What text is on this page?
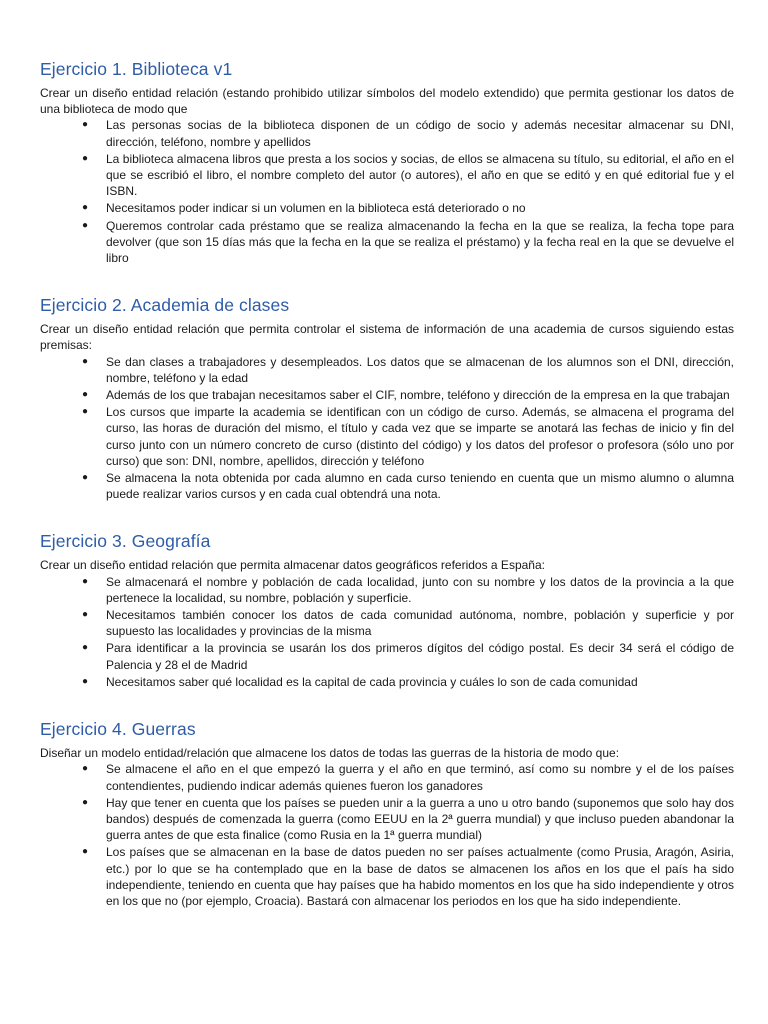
Ejercicio 1. Biblioteca v1

Crear un diseño entidad relación (estando prohibido utilizar símbolos del modelo extendido) que permita gestionar los datos de una biblioteca de modo que

● Las personas socias de la biblioteca disponen de un código de socio y además necesitar almacenar su DNI, dirección, teléfono, nombre y apellidos
● La biblioteca almacena libros que presta a los socios y socias, de ellos se almacena su título, su editorial, el año en el que se escribió el libro, el nombre completo del autor (o autores), el año en que se editó y en qué editorial fue y el ISBN.
● Necesitamos poder indicar si un volumen en la biblioteca está deteriorado o no
● Queremos controlar cada préstamo que se realiza almacenando la fecha en la que se realiza, la fecha tope para devolver (que son 15 días más que la fecha en la que se realiza el préstamo) y la fecha real en la que se devuelve el libro
Ejercicio 2. Academia de clases

Crear un diseño entidad relación que permita controlar el sistema de información de una academia de cursos siguiendo estas premisas:

● Se dan clases a trabajadores y desempleados. Los datos que se almacenan de los alumnos son el DNI, dirección, nombre, teléfono y la edad
● Además de los que trabajan necesitamos saber el CIF, nombre, teléfono y dirección de la empresa en la que trabajan
● Los cursos que imparte la academia se identifican con un código de curso. Además, se almacena el programa del curso, las horas de duración del mismo, el título y cada vez que se imparte se anotará las fechas de inicio y fin del curso junto con un número concreto de curso (distinto del código) y los datos del profesor o profesora (sólo uno por curso) que son: DNI, nombre, apellidos, dirección y teléfono
● Se almacena la nota obtenida por cada alumno en cada curso teniendo en cuenta que un mismo alumno o alumna puede realizar varios cursos y en cada cual obtendrá una nota.
Ejercicio 3. Geografía

Crear un diseño entidad relación que permita almacenar datos geográficos referidos a España:

● Se almacenará el nombre y población de cada localidad, junto con su nombre y los datos de la provincia a la que pertenece la localidad, su nombre, población y superficie.
● Necesitamos también conocer los datos de cada comunidad autónoma, nombre, población y superficie y por supuesto las localidades y provincias de la misma
● Para identificar a la provincia se usarán los dos primeros dígitos del código postal. Es decir 34 será el código de Palencia y 28 el de Madrid
● Necesitamos saber qué localidad es la capital de cada provincia y cuáles lo son de cada comunidad
Ejercicio 4. Guerras

Diseñar un modelo entidad/relación que almacene los datos de todas las guerras de la historia de modo que:

● Se almacene el año en el que empezó la guerra y el año en que terminó, así como su nombre y el de los países contendientes, pudiendo indicar además quienes fueron los ganadores
● Hay que tener en cuenta que los países se pueden unir a la guerra a uno u otro bando (suponemos que solo hay dos bandos) después de comenzada la guerra (como EEUU en la 2ª guerra mundial) y que incluso pueden abandonar la guerra antes de que esta finalice (como Rusia en la 1ª guerra mundial)
● Los países que se almacenan en la base de datos pueden no ser países actualmente (como Prusia, Aragón, Asiria, etc.) por lo que se ha contemplado que en la base de datos se almacenen los años en los que el país ha sido independiente, teniendo en cuenta que hay países que ha habido momentos en los que ha sido independiente y otros en los que no (por ejemplo, Croacia). Bastará con almacenar los periodos en los que ha sido independiente.
